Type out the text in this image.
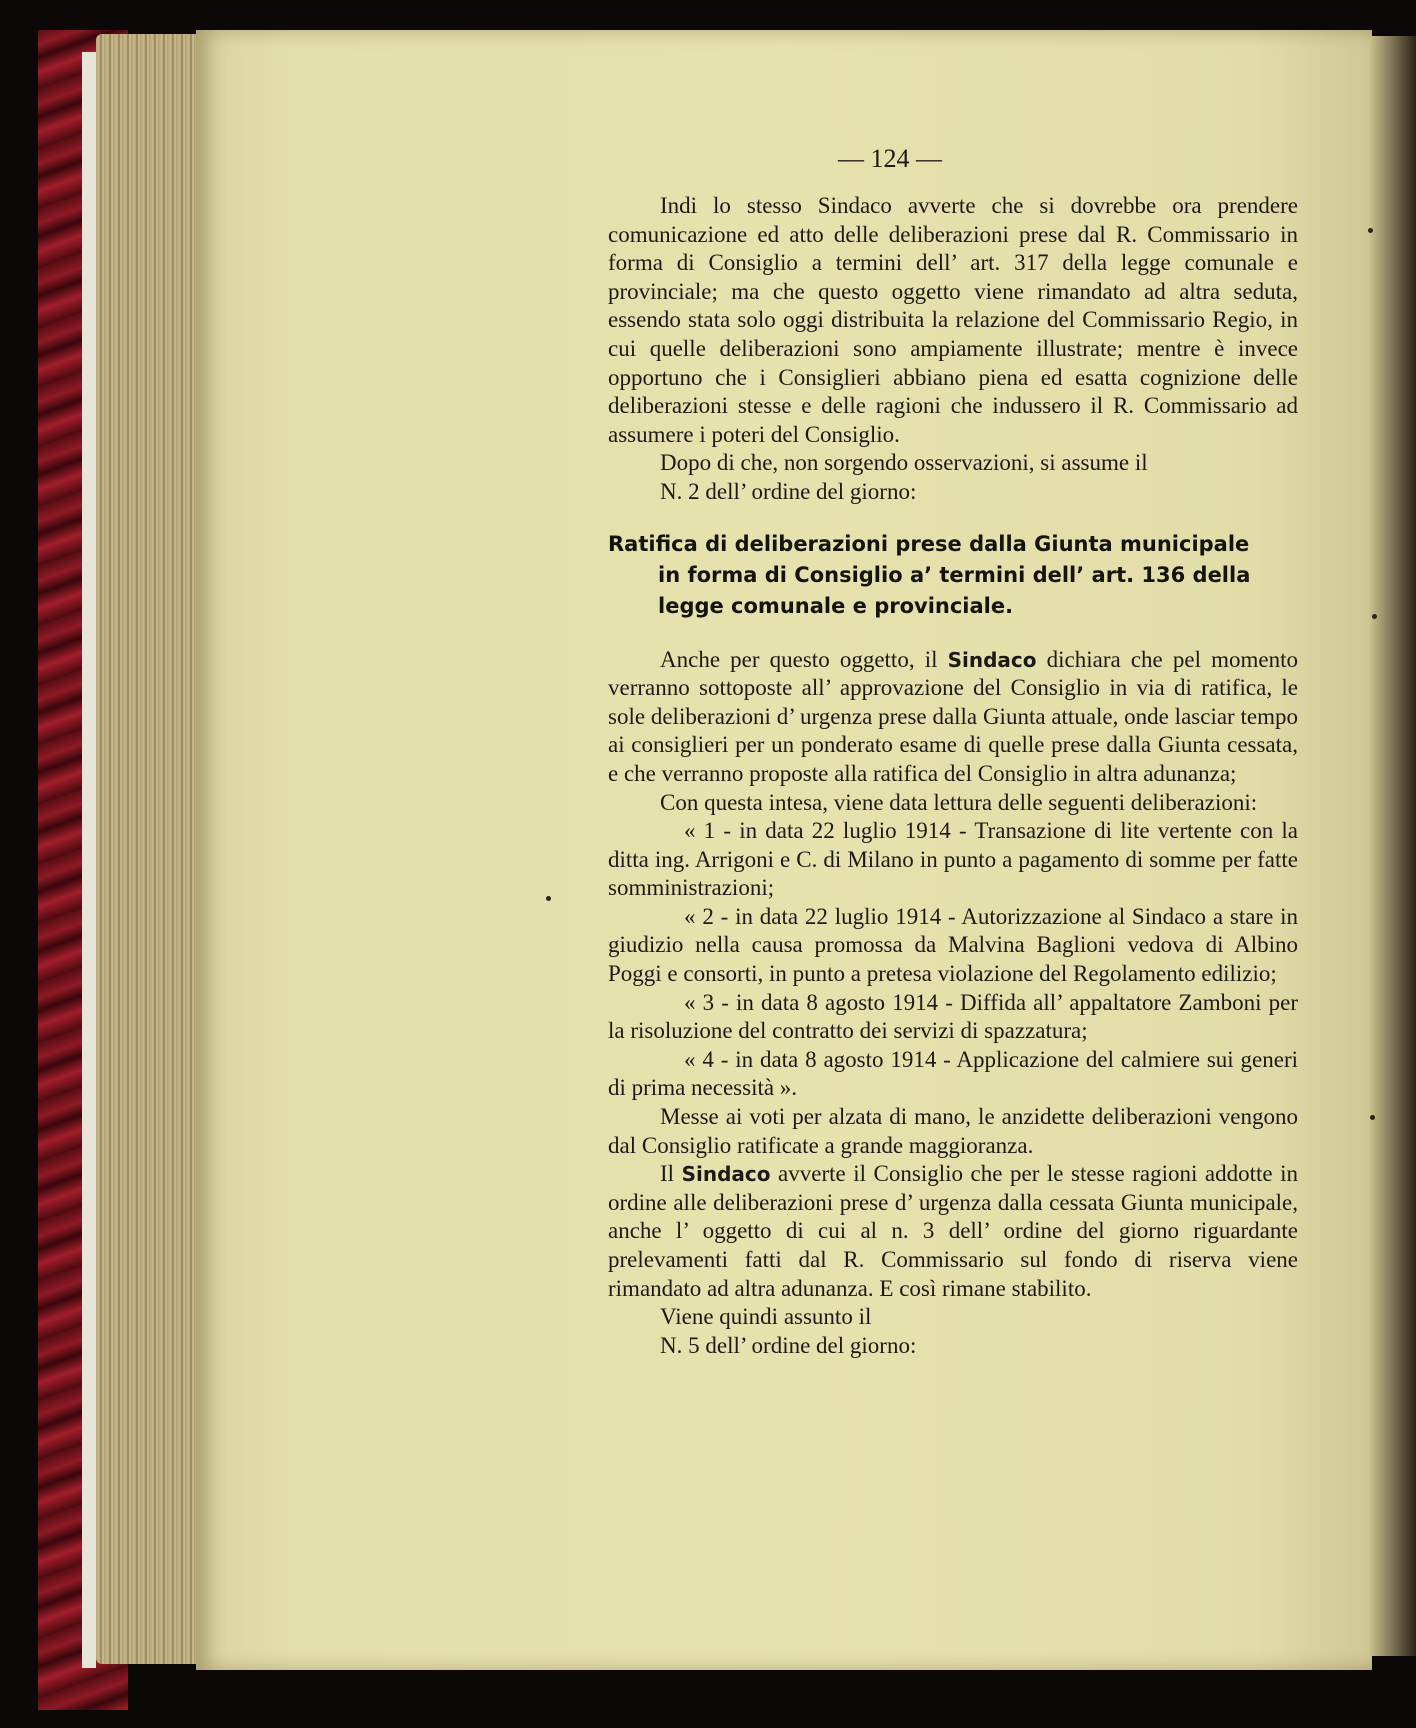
— 124 —

Indi lo stesso Sindaco avverte che si dovrebbe ora prendere comunicazione ed atto delle deliberazioni prese dal R. Commissario in forma di Consiglio a termini dell’ art. 317 della legge comunale e provinciale; ma che questo oggetto viene rimandato ad altra seduta, essendo stata solo oggi distribuita la relazione del Commissario Regio, in cui quelle deliberazioni sono ampiamente illustrate; mentre è invece opportuno che i Consiglieri abbiano piena ed esatta cognizione delle deliberazioni stesse e delle ragioni che indussero il R. Commissario ad assumere i poteri del Consiglio.

Dopo di che, non sorgendo osservazioni, si assume il

N. 2 dell’ ordine del giorno:

Ratifica di deliberazioni prese dalla Giunta municipale
in forma di Consiglio a’ termini dell’ art. 136 della
legge comunale e provinciale.

Anche per questo oggetto, il Sindaco dichiara che pel momento verranno sottoposte all’ approvazione del Consiglio in via di ratifica, le sole deliberazioni d’ urgenza prese dalla Giunta attuale, onde lasciar tempo ai consiglieri per un ponderato esame di quelle prese dalla Giunta cessata, e che verranno proposte alla ratifica del Consiglio in altra adunanza;

Con questa intesa, viene data lettura delle seguenti deliberazioni:

« 1 - in data 22 luglio 1914 - Transazione di lite vertente con la ditta ing. Arrigoni e C. di Milano in punto a pagamento di somme per fatte somministrazioni;

« 2 - in data 22 luglio 1914 - Autorizzazione al Sindaco a stare in giudizio nella causa promossa da Malvina Baglioni vedova di Albino Poggi e consorti, in punto a pretesa violazione del Regolamento edilizio;

« 3 - in data 8 agosto 1914 - Diffida all’ appaltatore Zamboni per la risoluzione del contratto dei servizi di spazzatura;

« 4 - in data 8 agosto 1914 - Applicazione del calmiere sui generi di prima necessità ».

Messe ai voti per alzata di mano, le anzidette deliberazioni vengono dal Consiglio ratificate a grande maggioranza.

Il Sindaco avverte il Consiglio che per le stesse ragioni addotte in ordine alle deliberazioni prese d’ urgenza dalla cessata Giunta municipale, anche l’ oggetto di cui al n. 3 dell’ ordine del giorno riguardante prelevamenti fatti dal R. Commissario sul fondo di riserva viene rimandato ad altra adunanza. E così rimane stabilito.

Viene quindi assunto il

N. 5 dell’ ordine del giorno:
